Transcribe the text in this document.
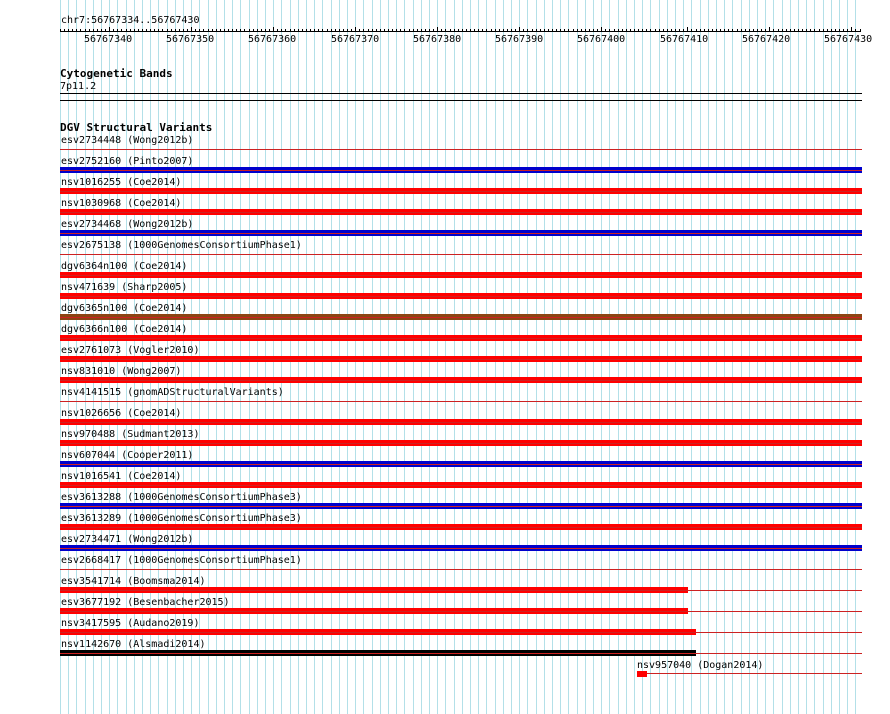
chr7:56767334..56767430
56767340	56767350	56767360	56767370	56767380	56767390	56767400	56767410	56767420	56767430
Cytogenetic Bands
7p11.2
DGV Structural Variants
esv2734448 (Wong2012b)
esv2752160 (Pinto2007)
nsv1016255 (Coe2014)
nsv1030968 (Coe2014)
esv2734468 (Wong2012b)
esv2675138 (1000GenomesConsortiumPhase1)
dgv6364n100 (Coe2014)
nsv471639 (Sharp2005)
dgv6365n100 (Coe2014)
dgv6366n100 (Coe2014)
esv2761073 (Vogler2010)
nsv831010 (Wong2007)
nsv4141515 (gnomADStructuralVariants)
nsv1026656 (Coe2014)
nsv970488 (Sudmant2013)
nsv607044 (Cooper2011)
nsv1016541 (Coe2014)
esv3613288 (1000GenomesConsortiumPhase3)
esv3613289 (1000GenomesConsortiumPhase3)
esv2734471 (Wong2012b)
esv2668417 (1000GenomesConsortiumPhase1)
esv3541714 (Boomsma2014)
esv3677192 (Besenbacher2015)
nsv3417595 (Audano2019)
nsv1142670 (Alsmadi2014)
nsv957040 (Dogan2014)
